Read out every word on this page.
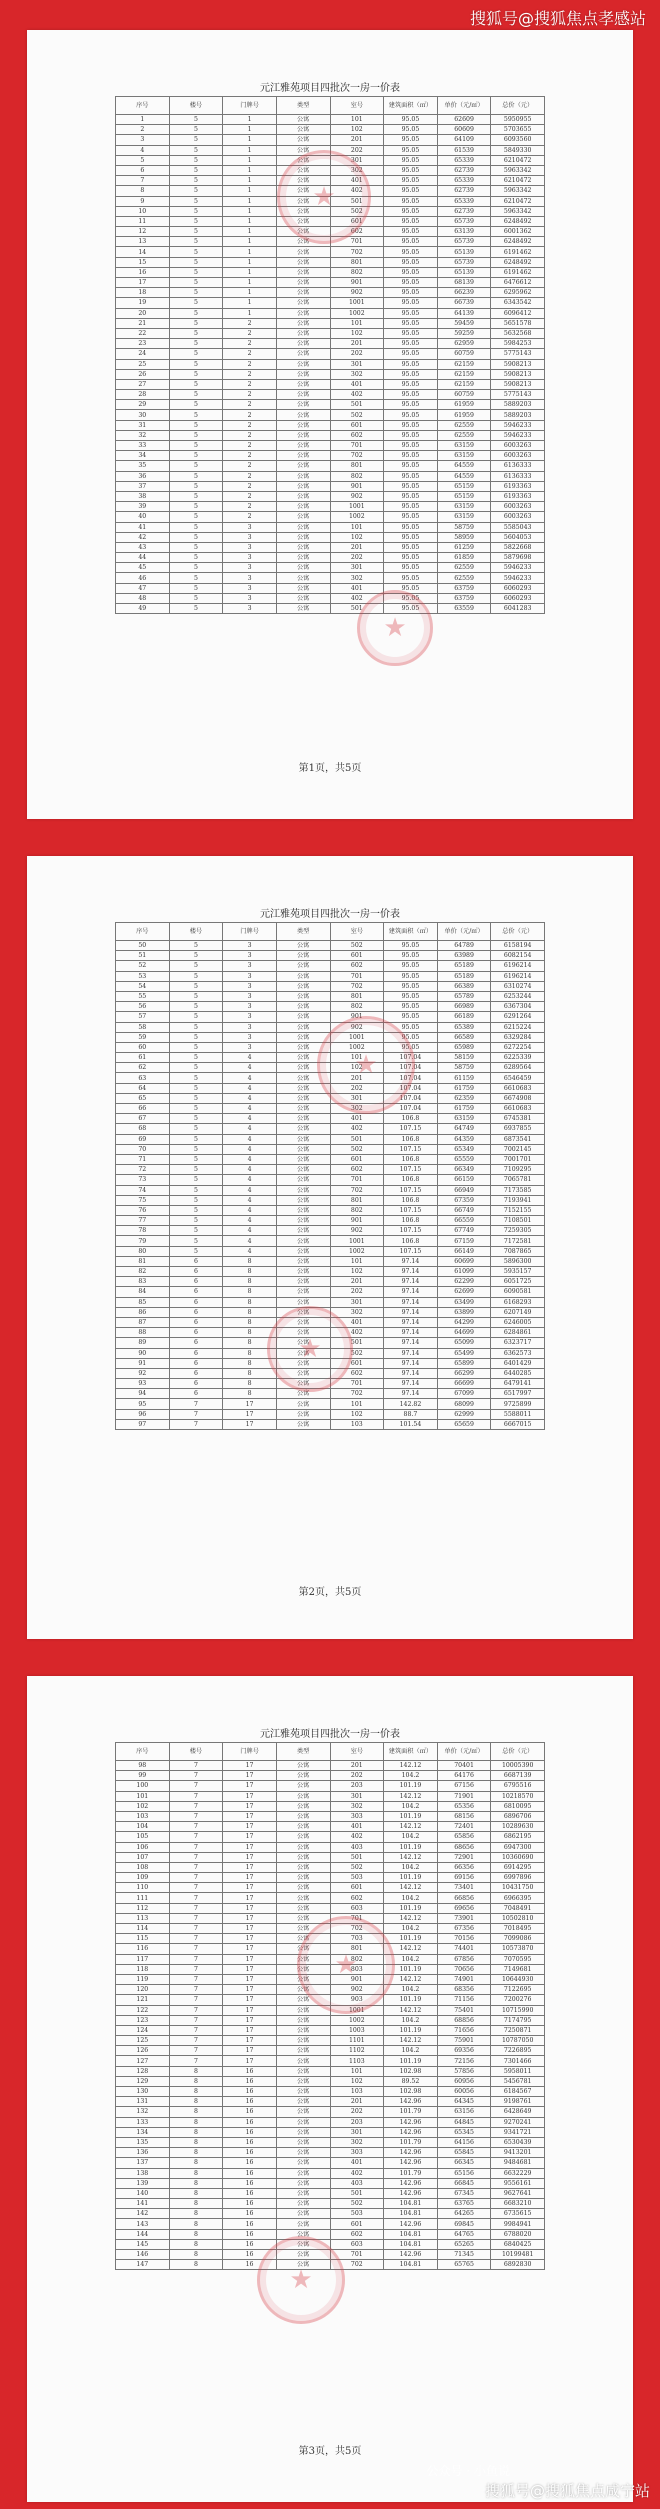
搜狐号@搜狐焦点孝感站
元江雅苑项目四批次一房一价表
序号	楼号	门牌号	类型	室号	建筑面积（㎡）	单价（元/㎡）	总价（元）
1	5	1	公寓	101	95.05	62609	5950955
2	5	1	公寓	102	95.05	60609	5703655
3	5	1	公寓	201	95.05	64109	6093560
4	5	1	公寓	202	95.05	61539	5849330
5	5	1	公寓	301	95.05	65339	6210472
6	5	1	公寓	302	95.05	62739	5963342
7	5	1	公寓	401	95.05	65339	6210472
8	5	1	公寓	402	95.05	62739	5963342
9	5	1	公寓	501	95.05	65339	6210472
10	5	1	公寓	502	95.05	62739	5963342
11	5	1	公寓	601	95.05	65739	6248492
12	5	1	公寓	602	95.05	63139	6001362
13	5	1	公寓	701	95.05	65739	6248492
14	5	1	公寓	702	95.05	65139	6191462
15	5	1	公寓	801	95.05	65739	6248492
16	5	1	公寓	802	95.05	65139	6191462
17	5	1	公寓	901	95.05	68139	6476612
18	5	1	公寓	902	95.05	66239	6295962
19	5	1	公寓	1001	95.05	66739	6343542
20	5	1	公寓	1002	95.05	64139	6096412
21	5	2	公寓	101	95.05	59459	5651578
22	5	2	公寓	102	95.05	59259	5632568
23	5	2	公寓	201	95.05	62959	5984253
24	5	2	公寓	202	95.05	60759	5775143
25	5	2	公寓	301	95.05	62159	5908213
26	5	2	公寓	302	95.05	62159	5908213
27	5	2	公寓	401	95.05	62159	5908213
28	5	2	公寓	402	95.05	60759	5775143
29	5	2	公寓	501	95.05	61959	5889203
30	5	2	公寓	502	95.05	61959	5889203
31	5	2	公寓	601	95.05	62559	5946233
32	5	2	公寓	602	95.05	62559	5946233
33	5	2	公寓	701	95.05	63159	6003263
34	5	2	公寓	702	95.05	63159	6003263
35	5	2	公寓	801	95.05	64559	6136333
36	5	2	公寓	802	95.05	64559	6136333
37	5	2	公寓	901	95.05	65159	6193363
38	5	2	公寓	902	95.05	65159	6193363
39	5	2	公寓	1001	95.05	63159	6003263
40	5	2	公寓	1002	95.05	63159	6003263
41	5	3	公寓	101	95.05	58759	5585043
42	5	3	公寓	102	95.05	58959	5604053
43	5	3	公寓	201	95.05	61259	5822668
44	5	3	公寓	202	95.05	61859	5879698
45	5	3	公寓	301	95.05	62559	5946233
46	5	3	公寓	302	95.05	62559	5946233
47	5	3	公寓	401	95.05	63759	6060293
48	5	3	公寓	402	95.05	63759	6060293
49	5	3	公寓	501	95.05	63559	6041283
★
★
第1页，共5页
元江雅苑项目四批次一房一价表
序号	楼号	门牌号	类型	室号	建筑面积（㎡）	单价（元/㎡）	总价（元）
50	5	3	公寓	502	95.05	64789	6158194
51	5	3	公寓	601	95.05	63989	6082154
52	5	3	公寓	602	95.05	65189	6196214
53	5	3	公寓	701	95.05	65189	6196214
54	5	3	公寓	702	95.05	66389	6310274
55	5	3	公寓	801	95.05	65789	6253244
56	5	3	公寓	802	95.05	66989	6367304
57	5	3	公寓	901	95.05	66189	6291264
58	5	3	公寓	902	95.05	65389	6215224
59	5	3	公寓	1001	95.05	66589	6329284
60	5	3	公寓	1002	95.05	65989	6272254
61	5	4	公寓	101	107.04	58159	6225339
62	5	4	公寓	102	107.04	58759	6289564
63	5	4	公寓	201	107.04	61159	6546459
64	5	4	公寓	202	107.04	61759	6610683
65	5	4	公寓	301	107.04	62359	6674908
66	5	4	公寓	302	107.04	61759	6610683
67	5	4	公寓	401	106.8	63159	6745381
68	5	4	公寓	402	107.15	64749	6937855
69	5	4	公寓	501	106.8	64359	6873541
70	5	4	公寓	502	107.15	65349	7002145
71	5	4	公寓	601	106.8	65559	7001701
72	5	4	公寓	602	107.15	66349	7109295
73	5	4	公寓	701	106.8	66159	7065781
74	5	4	公寓	702	107.15	66949	7173585
75	5	4	公寓	801	106.8	67359	7193941
76	5	4	公寓	802	107.15	66749	7152155
77	5	4	公寓	901	106.8	66559	7108501
78	5	4	公寓	902	107.15	67749	7259305
79	5	4	公寓	1001	106.8	67159	7172581
80	5	4	公寓	1002	107.15	66149	7087865
81	6	8	公寓	101	97.14	60699	5896300
82	6	8	公寓	102	97.14	61099	5935157
83	6	8	公寓	201	97.14	62299	6051725
84	6	8	公寓	202	97.14	62699	6090581
85	6	8	公寓	301	97.14	63499	6168293
86	6	8	公寓	302	97.14	63899	6207149
87	6	8	公寓	401	97.14	64299	6246005
88	6	8	公寓	402	97.14	64699	6284861
89	6	8	公寓	501	97.14	65099	6323717
90	6	8	公寓	502	97.14	65499	6362573
91	6	8	公寓	601	97.14	65899	6401429
92	6	8	公寓	602	97.14	66299	6440285
93	6	8	公寓	701	97.14	66699	6479141
94	6	8	公寓	702	97.14	67099	6517997
95	7	17	公寓	101	142.82	68099	9725899
96	7	17	公寓	102	88.7	62999	5588011
97	7	17	公寓	103	101.54	65659	6667015
★
★
第2页，共5页
元江雅苑项目四批次一房一价表
序号	楼号	门牌号	类型	室号	建筑面积（㎡）	单价（元/㎡）	总价（元）
98	7	17	公寓	201	142.12	70401	10005390
99	7	17	公寓	202	104.2	64176	6687139
100	7	17	公寓	203	101.19	67156	6795516
101	7	17	公寓	301	142.12	71901	10218570
102	7	17	公寓	302	104.2	65356	6810095
103	7	17	公寓	303	101.19	68156	6896706
104	7	17	公寓	401	142.12	72401	10289630
105	7	17	公寓	402	104.2	65856	6862195
106	7	17	公寓	403	101.19	68656	6947300
107	7	17	公寓	501	142.12	72901	10360690
108	7	17	公寓	502	104.2	66356	6914295
109	7	17	公寓	503	101.19	69156	6997896
110	7	17	公寓	601	142.12	73401	10431750
111	7	17	公寓	602	104.2	66856	6966395
112	7	17	公寓	603	101.19	69656	7048491
113	7	17	公寓	701	142.12	73901	10502810
114	7	17	公寓	702	104.2	67356	7018495
115	7	17	公寓	703	101.19	70156	7099086
116	7	17	公寓	801	142.12	74401	10573870
117	7	17	公寓	802	104.2	67856	7070595
118	7	17	公寓	803	101.19	70656	7149681
119	7	17	公寓	901	142.12	74901	10644930
120	7	17	公寓	902	104.2	68356	7122695
121	7	17	公寓	903	101.19	71156	7200276
122	7	17	公寓	1001	142.12	75401	10715990
123	7	17	公寓	1002	104.2	68856	7174795
124	7	17	公寓	1003	101.19	71656	7250871
125	7	17	公寓	1101	142.12	75901	10787050
126	7	17	公寓	1102	104.2	69356	7226895
127	7	17	公寓	1103	101.19	72156	7301466
128	8	16	公寓	101	102.98	57856	5958011
129	8	16	公寓	102	89.52	60956	5456781
130	8	16	公寓	103	102.98	60056	6184567
131	8	16	公寓	201	142.96	64345	9198761
132	8	16	公寓	202	101.79	63156	6428649
133	8	16	公寓	203	142.96	64845	9270241
134	8	16	公寓	301	142.96	65345	9341721
135	8	16	公寓	302	101.79	64156	6530439
136	8	16	公寓	303	142.96	65845	9413201
137	8	16	公寓	401	142.96	66345	9484681
138	8	16	公寓	402	101.79	65156	6632229
139	8	16	公寓	403	142.96	66845	9556161
140	8	16	公寓	501	142.96	67345	9627641
141	8	16	公寓	502	104.81	63765	6683210
142	8	16	公寓	503	104.81	64265	6735615
143	8	16	公寓	601	142.96	69845	9984941
144	8	16	公寓	602	104.81	64765	6788020
145	8	16	公寓	603	104.81	65265	6840425
146	8	16	公寓	701	142.96	71345	10199481
147	8	16	公寓	702	104.81	65765	6892830
★
★
第3页，共5页
公众号 · 小鱼说
搜狐号@搜狐焦点咸宁站
